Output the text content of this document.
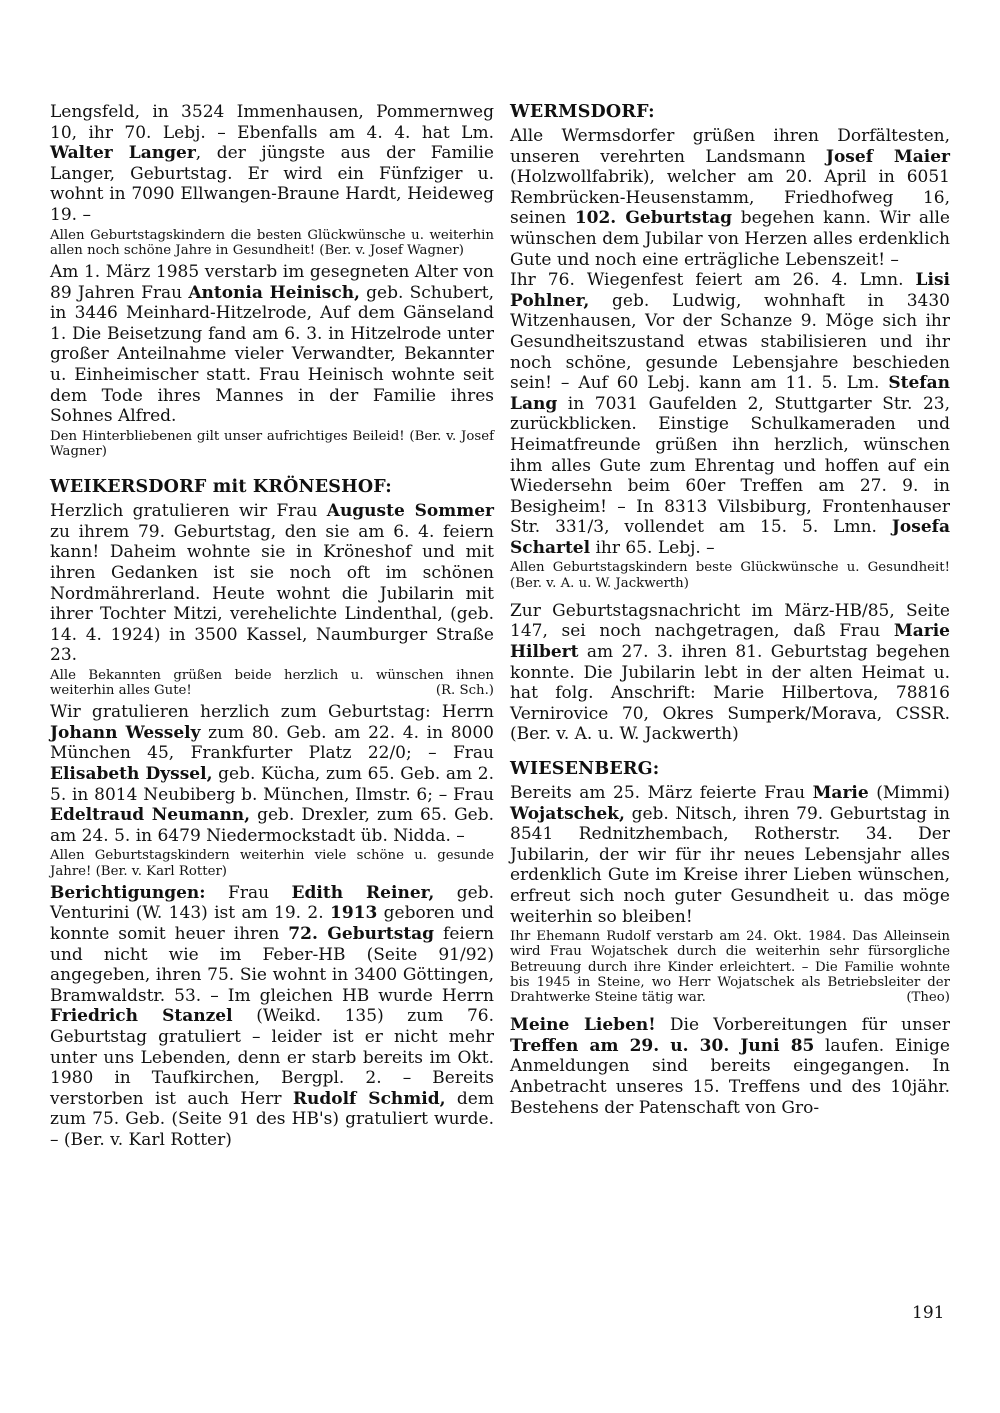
Lengsfeld, in 3524 Immenhausen, Pommernweg 10, ihr 70. Lebj. – Ebenfalls am 4. 4. hat Lm. Walter Langer, der jüngste aus der Familie Langer, Geburtstag. Er wird ein Fünfziger u. wohnt in 7090 Ellwangen-Braune Hardt, Heideweg 19. –

Allen Geburtstagskindern die besten Glückwünsche u. weiterhin allen noch schöne Jahre in Gesundheit! (Ber. v. Josef Wagner)

Am 1. März 1985 verstarb im gesegneten Alter von 89 Jahren Frau Antonia Heinisch, geb. Schubert, in 3446 Meinhard-Hitzelrode, Auf dem Gänseland 1. Die Beisetzung fand am 6. 3. in Hitzelrode unter großer Anteilnahme vieler Verwandter, Bekannter u. Einheimischer statt. Frau Heinisch wohnte seit dem Tode ihres Mannes in der Familie ihres Sohnes Alfred.

Den Hinterbliebenen gilt unser aufrichtiges Beileid! (Ber. v. Josef Wagner)

WEIKERSDORF mit KRÖNESHOF:

Herzlich gratulieren wir Frau Auguste Sommer zu ihrem 79. Geburtstag, den sie am 6. 4. feiern kann! Daheim wohnte sie in Kröneshof und mit ihren Gedanken ist sie noch oft im schönen Nordmährerland. Heute wohnt die Jubilarin mit ihrer Tochter Mitzi, verehelichte Lindenthal, (geb. 14. 4. 1924) in 3500 Kassel, Naumburger Straße 23.

Alle Bekannten grüßen beide herzlich u. wünschen ihnen weiterhin alles Gute!	(R. Sch.)

Wir gratulieren herzlich zum Geburtstag: Herrn Johann Wessely zum 80. Geb. am 22. 4. in 8000 München 45, Frankfurter Platz 22/0; – Frau Elisabeth Dyssel, geb. Kücha, zum 65. Geb. am 2. 5. in 8014 Neubiberg b. München, Ilmstr. 6; – Frau Edeltraud Neumann, geb. Drexler, zum 65. Geb. am 24. 5. in 6479 Niedermockstadt üb. Nidda. –

Allen Geburtstagskindern weiterhin viele schöne u. gesunde Jahre! (Ber. v. Karl Rotter)

Berichtigungen: Frau Edith Reiner, geb. Venturini (W. 143) ist am 19. 2. 1913 geboren und konnte somit heuer ihren 72. Geburtstag feiern und nicht wie im Feber-HB (Seite 91/92) angegeben, ihren 75. Sie wohnt in 3400 Göttingen, Bramwaldstr. 53. – Im gleichen HB wurde Herrn Friedrich Stanzel (Weikd. 135) zum 76. Geburtstag gratuliert – leider ist er nicht mehr unter uns Lebenden, denn er starb bereits im Okt. 1980 in Taufkirchen, Bergpl. 2. – Bereits verstorben ist auch Herr Rudolf Schmid, dem zum 75. Geb. (Seite 91 des HB's) gratuliert wurde. – (Ber. v. Karl Rotter)

WERMSDORF:

Alle Wermsdorfer grüßen ihren Dorfältesten, unseren verehrten Landsmann Josef Maier (Holzwollfabrik), welcher am 20. April in 6051 Rembrücken-Heusenstamm, Friedhofweg 16, seinen 102. Geburtstag begehen kann. Wir alle wünschen dem Jubilar von Herzen alles erdenklich Gute und noch eine erträgliche Lebenszeit! –

Ihr 76. Wiegenfest feiert am 26. 4. Lmn. Lisi Pohlner, geb. Ludwig, wohnhaft in 3430 Witzenhausen, Vor der Schanze 9. Möge sich ihr Gesundheitszustand etwas stabilisieren und ihr noch schöne, gesunde Lebensjahre beschieden sein! – Auf 60 Lebj. kann am 11. 5. Lm. Stefan Lang in 7031 Gaufelden 2, Stuttgarter Str. 23, zurückblicken. Einstige Schulkameraden und Heimatfreunde grüßen ihn herzlich, wünschen ihm alles Gute zum Ehrentag und hoffen auf ein Wiedersehn beim 60er Treffen am 27. 9. in Besigheim! – In 8313 Vilsbiburg, Frontenhauser Str. 331/3, vollendet am 15. 5. Lmn. Josefa Schartel ihr 65. Lebj. –

Allen Geburtstagskindern beste Glückwünsche u. Gesundheit! (Ber. v. A. u. W. Jackwerth)

Zur Geburtstagsnachricht im März-HB/85, Seite 147, sei noch nachgetragen, daß Frau Marie Hilbert am 27. 3. ihren 81. Geburtstag begehen konnte. Die Jubilarin lebt in der alten Heimat u. hat folg. Anschrift: Marie Hilbertova, 78816 Vernirovice 70, Okres Sumperk/Morava, CSSR. (Ber. v. A. u. W. Jackwerth)

WIESENBERG:

Bereits am 25. März feierte Frau Marie (Mimmi) Wojatschek, geb. Nitsch, ihren 79. Geburtstag in 8541 Rednitzhembach, Rotherstr. 34. Der Jubilarin, der wir für ihr neues Lebensjahr alles erdenklich Gute im Kreise ihrer Lieben wünschen, erfreut sich noch guter Gesundheit u. das möge weiterhin so bleiben!

Ihr Ehemann Rudolf verstarb am 24. Okt. 1984. Das Alleinsein wird Frau Wojatschek durch die weiterhin sehr fürsorgliche Betreuung durch ihre Kinder erleichtert. – Die Familie wohnte bis 1945 in Steine, wo Herr Wojatschek als Betriebsleiter der Drahtwerke Steine tätig war.	(Theo)

Meine Lieben! Die Vorbereitungen für unser Treffen am 29. u. 30. Juni 85 laufen. Einige Anmeldungen sind bereits eingegangen. In Anbetracht unseres 15. Treffens und des 10jähr. Bestehens der Patenschaft von Gro-

191
